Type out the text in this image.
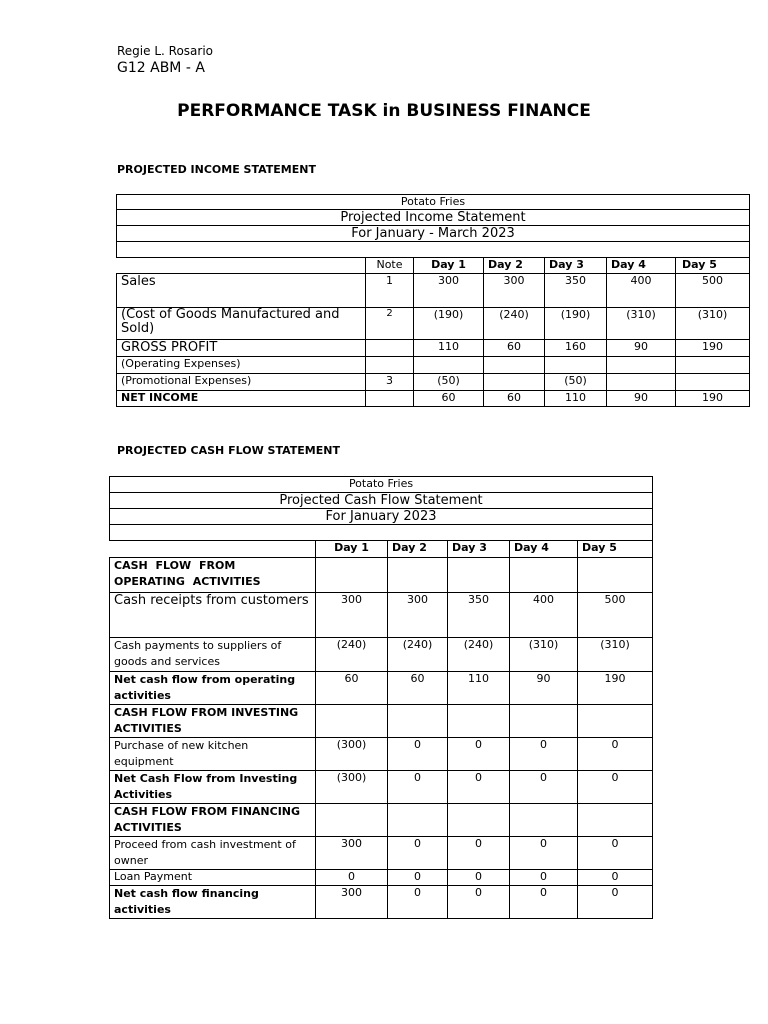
Regie L. Rosario
G12 ABM - A
PERFORMANCE TASK in BUSINESS FINANCE
PROJECTED INCOME STATEMENT
Potato Fries						
Projected Income Statement						
For January - March 2023						

	Note	Day 1	Day 2	Day 3	Day 4	Day 5
Sales	1	300	300	350	400	500
(Cost of Goods Manufactured and Sold)	2	(190)	(240)	(190)	(310)	(310)
GROSS PROFIT		110	60	160	90	190
(Operating Expenses)						
(Promotional Expenses)	3	(50)		(50)		
NET INCOME		60	60	110	90	190
PROJECTED CASH FLOW STATEMENT
Potato Fries					
Projected Cash Flow Statement					
For January 2023					

	Day 1	Day 2	Day 3	Day 4	Day 5
CASH FLOW FROM OPERATING ACTIVITIES					
Cash receipts from customers	300	300	350	400	500
Cash payments to suppliers of goods and services	(240)	(240)	(240)	(310)	(310)
Net cash flow from operating activities	60	60	110	90	190
CASH FLOW FROM INVESTING ACTIVITIES					
Purchase of new kitchen equipment	(300)	0	0	0	0
Net Cash Flow from Investing Activities	(300)	0	0	0	0
CASH FLOW FROM FINANCING ACTIVITIES					
Proceed from cash investment of owner	300	0	0	0	0
Loan Payment	0	0	0	0	0
Net cash flow financing activities	300	0	0	0	0
